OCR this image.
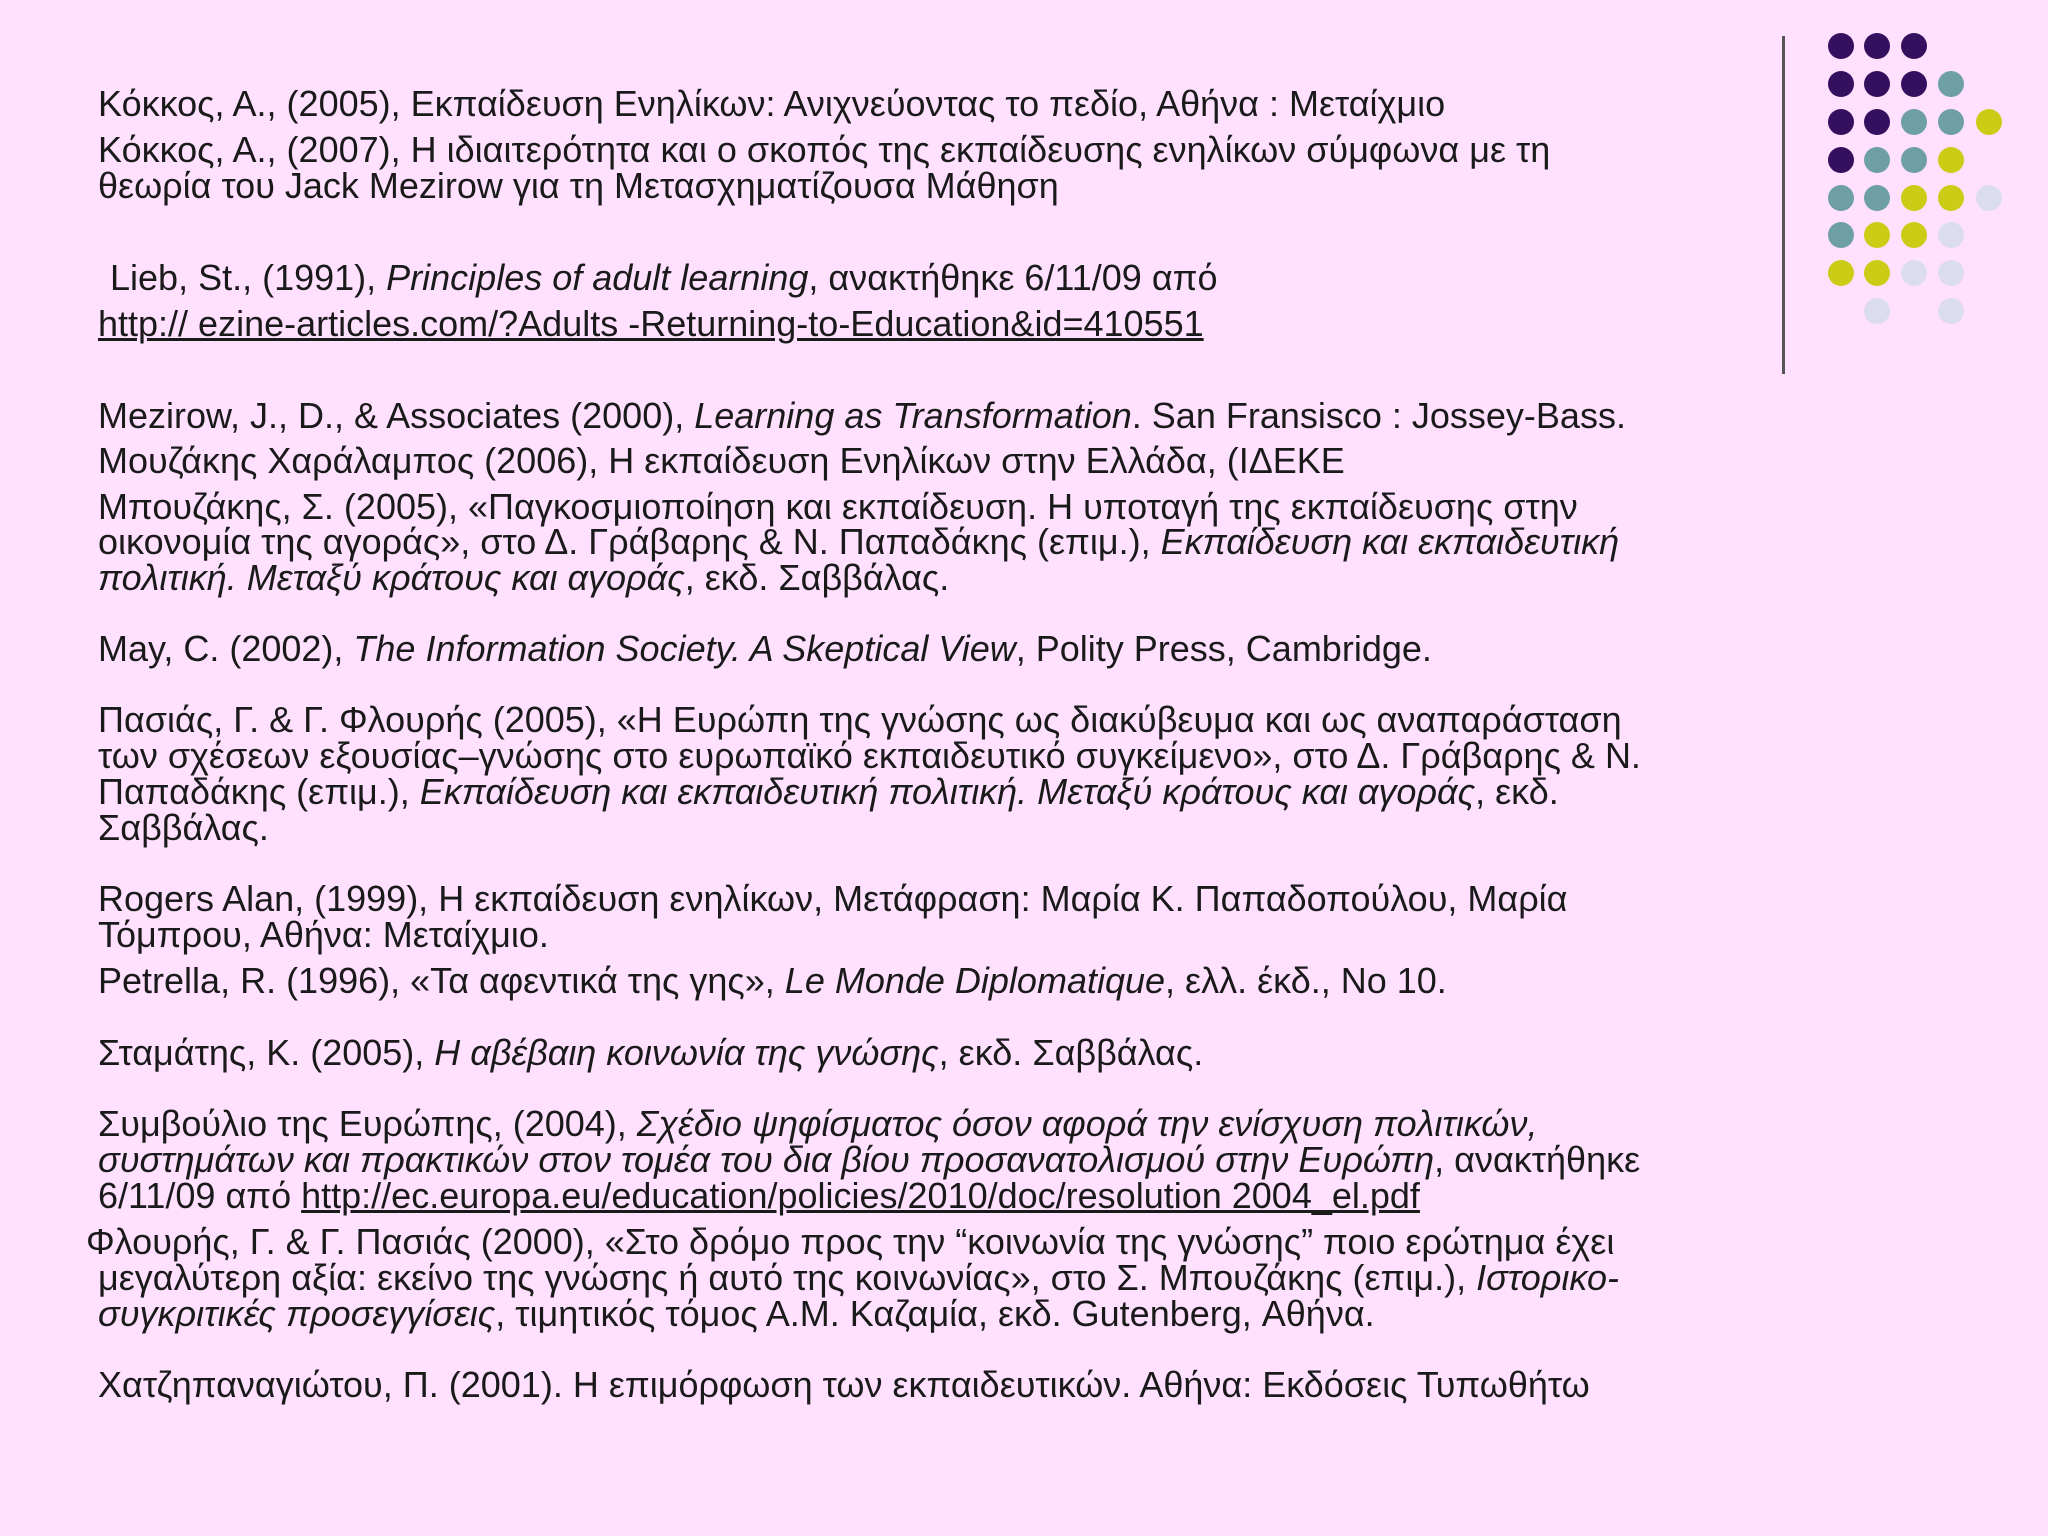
Κόκκος, Α., (2005), Εκπαίδευση Ενηλίκων: Ανιχνεύοντας το πεδίο, Αθήνα : Μεταίχμιο

Κόκκος, Α., (2007), Η ιδιαιτερότητα και ο σκοπός της εκπαίδευσης ενηλίκων σύμφωνα με τη

θεωρία του Jack Mezirow για τη Μετασχηματίζουσα Μάθηση

Lieb, St., (1991), Principles of adult learning, ανακτήθηκε 6/11/09 από

http:// ezine-articles.com/?Adults -Returning-to-Education&id=410551

Mezirow, J., D., & Associates (2000), Learning as Transformation. San Fransisco : Jossey-Bass.

Μουζάκης Χαράλαμπος (2006), Η εκπαίδευση Ενηλίκων στην Ελλάδα, (ΙΔΕΚΕ

Μπουζάκης, Σ. (2005), «Παγκοσμιοποίηση και εκπαίδευση. Η υποταγή της εκπαίδευσης στην

οικονομία της αγοράς», στο Δ. Γράβαρης & Ν. Παπαδάκης (επιμ.), Εκπαίδευση και εκπαιδευτική

πολιτική. Μεταξύ κράτους και αγοράς, εκδ. Σαββάλας.

May, C. (2002), The Information Society. A Skeptical View, Polity Press, Cambridge.

Πασιάς, Γ. & Γ. Φλουρής (2005), «Η Ευρώπη της γνώσης ως διακύβευμα και ως αναπαράσταση

των σχέσεων εξουσίας–γνώσης στο ευρωπαϊκό εκπαιδευτικό συγκείμενο», στο Δ. Γράβαρης & Ν.

Παπαδάκης (επιμ.), Εκπαίδευση και εκπαιδευτική πολιτική. Μεταξύ κράτους και αγοράς, εκδ.

Σαββάλας.

Rogers Alan, (1999), Η εκπαίδευση ενηλίκων, Μετάφραση: Μαρία Κ. Παπαδοπούλου, Μαρία

Τόμπρου, Αθήνα: Μεταίχμιο.

Petrella, R. (1996), «Τα αφεντικά της γης», Le Monde Diplomatique, ελλ. έκδ., Νο 10.

Σταμάτης, Κ. (2005), Η αβέβαιη κοινωνία της γνώσης, εκδ. Σαββάλας.

Συμβούλιο της Ευρώπης, (2004), Σχέδιο ψηφίσματος όσον αφορά την ενίσχυση πολιτικών,

συστημάτων και πρακτικών στον τομέα του δια βίου προσανατολισμού στην Ευρώπη, ανακτήθηκε

6/11/09 από http://ec.europa.eu/education/policies/2010/doc/resolution 2004_el.pdf

Φλουρής, Γ. & Γ. Πασιάς (2000), «Στο δρόμο προς την “κοινωνία της γνώσης” ποιο ερώτημα έχει

μεγαλύτερη αξία: εκείνο της γνώσης ή αυτό της κοινωνίας», στο Σ. Μπουζάκης (επιμ.), Ιστορικο-

συγκριτικές προσεγγίσεις, τιμητικός τόμος Α.Μ. Καζαμία, εκδ. Gutenberg, Αθήνα.

Χατζηπαναγιώτου, Π. (2001). Η επιμόρφωση των εκπαιδευτικών. Αθήνα: Εκδόσεις Τυπωθήτω
